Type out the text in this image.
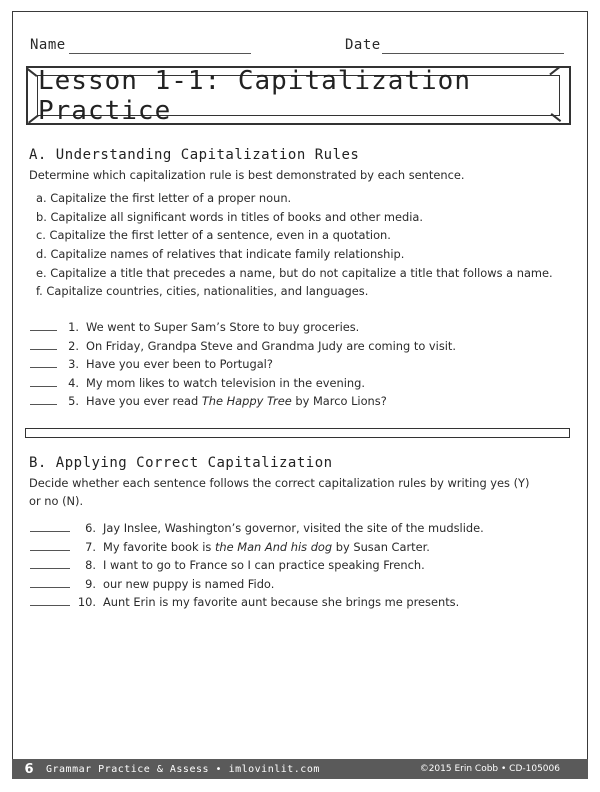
Name	Date
Lesson 1-1: Capitalization Practice
A. Understanding Capitalization Rules
Determine which capitalization rule is best demonstrated by each sentence.
a. Capitalize the first letter of a proper noun.
b. Capitalize all significant words in titles of books and other media.
c. Capitalize the first letter of a sentence, even in a quotation.
d. Capitalize names of relatives that indicate family relationship.
e. Capitalize a title that precedes a name, but do not capitalize a title that follows a name.
f. Capitalize countries, cities, nationalities, and languages.
1. We went to Super Sam’s Store to buy groceries.
2. On Friday, Grandpa Steve and Grandma Judy are coming to visit.
3. Have you ever been to Portugal?
4. My mom likes to watch television in the evening.
5. Have you ever read The Happy Tree by Marco Lions?
B. Applying Correct Capitalization
Decide whether each sentence follows the correct capitalization rules by writing yes (Y)
or no (N).
6. Jay Inslee, Washington’s governor, visited the site of the mudslide.
7. My favorite book is the Man And his dog by Susan Carter.
8. I want to go to France so I can practice speaking French.
9. our new puppy is named Fido.
10. Aunt Erin is my favorite aunt because she brings me presents.
6	Grammar Practice & Assess • imlovinlit.com	©2015 Erin Cobb • CD-105006
